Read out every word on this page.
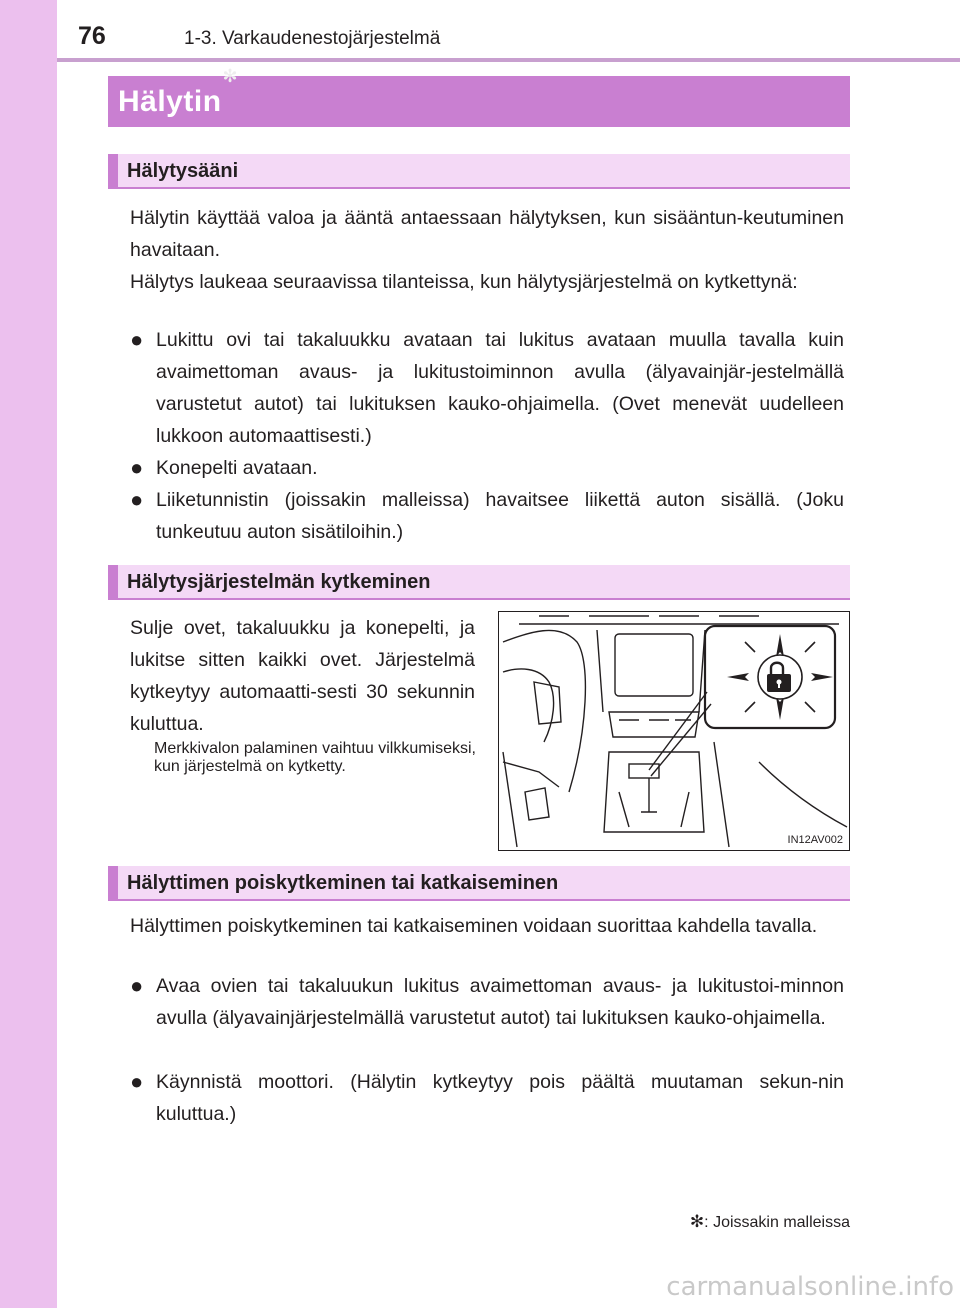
76	1-3. Varkaudenestojärjestelmä
Hälytin✻
Hälytysääni

Hälytin käyttää valoa ja ääntä antaessaan hälytyksen, kun sisääntun-keutuminen havaitaan.

Hälytys laukeaa seuraavissa tilanteissa, kun hälytysjärjestelmä on kytkettynä:

● Lukittu ovi tai takaluukku avataan tai lukitus avataan muulla tavalla kuin avaimettoman avaus- ja lukitustoiminnon avulla (älyavainjär-jestelmällä varustetut autot) tai lukituksen kauko-ohjaimella. (Ovet menevät uudelleen lukkoon automaattisesti.)
● Konepelti avataan.
● Liiketunnistin (joissakin malleissa) havaitsee liikettä auton sisällä. (Joku tunkeutuu auton sisätiloihin.)
Hälytysjärjestelmän kytkeminen

Sulje ovet, takaluukku ja konepelti, ja lukitse sitten kaikki ovet. Järjestelmä kytkeytyy automaatti-sesti 30 sekunnin kuluttua.

Merkkivalon palaminen vaihtuu vilkkumiseksi, kun järjestelmä on kytketty.
IN12AV002
Hälyttimen poiskytkeminen tai katkaiseminen

Hälyttimen poiskytkeminen tai katkaiseminen voidaan suorittaa kahdella tavalla.

● Avaa ovien tai takaluukun lukitus avaimettoman avaus- ja lukitustoi-minnon avulla (älyavainjärjestelmällä varustetut autot) tai lukituksen kauko-ohjaimella.
● Käynnistä moottori. (Hälytin kytkeytyy pois päältä muutaman sekun-nin kuluttua.)
✻: Joissakin malleissa
carmanualsonline.info
